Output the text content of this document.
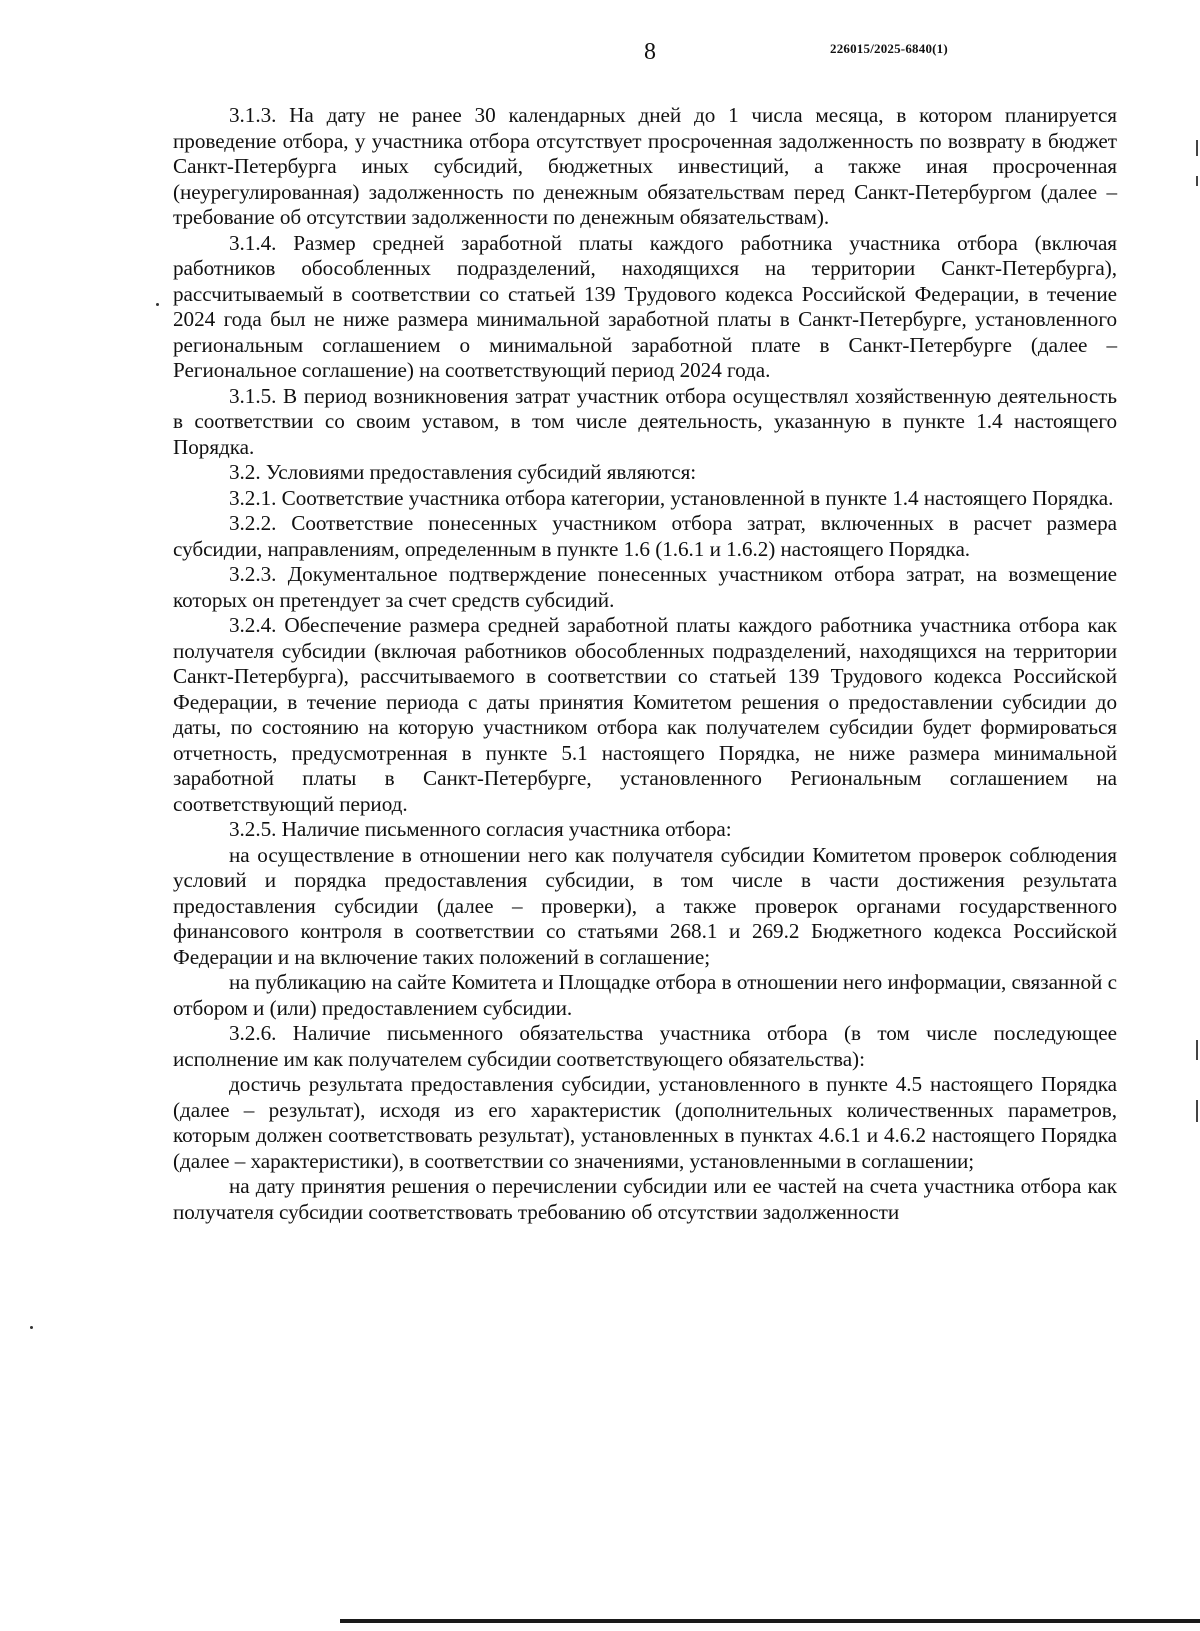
8	226015/2025-6840(1)

3.1.3. На дату не ранее 30 календарных дней до 1 числа месяца, в котором планируется проведение отбора, у участника отбора отсутствует просроченная задолженность по возврату в бюджет Санкт-Петербурга иных субсидий, бюджетных инвестиций, а также иная просроченная (неурегулированная) задолженность по денежным обязательствам перед Санкт-Петербургом (далее – требование об отсутствии задолженности по денежным обязательствам).

3.1.4. Размер средней заработной платы каждого работника участника отбора (включая работников обособленных подразделений, находящихся на территории Санкт-Петербурга), рассчитываемый в соответствии со статьей 139 Трудового кодекса Российской Федерации, в течение 2024 года был не ниже размера минимальной заработной платы в Санкт-Петербурге, установленного региональным соглашением о минимальной заработной плате в Санкт-Петербурге (далее – Региональное соглашение) на соответствующий период 2024 года.

3.1.5. В период возникновения затрат участник отбора осуществлял хозяйственную деятельность в соответствии со своим уставом, в том числе деятельность, указанную в пункте 1.4 настоящего Порядка.

3.2. Условиями предоставления субсидий являются:

3.2.1. Соответствие участника отбора категории, установленной в пункте 1.4 настоящего Порядка.

3.2.2. Соответствие понесенных участником отбора затрат, включенных в расчет размера субсидии, направлениям, определенным в пункте 1.6 (1.6.1 и 1.6.2) настоящего Порядка.

3.2.3. Документальное подтверждение понесенных участником отбора затрат, на возмещение которых он претендует за счет средств субсидий.

3.2.4. Обеспечение размера средней заработной платы каждого работника участника отбора как получателя субсидии (включая работников обособленных подразделений, находящихся на территории Санкт-Петербурга), рассчитываемого в соответствии со статьей 139 Трудового кодекса Российской Федерации, в течение периода с даты принятия Комитетом решения о предоставлении субсидии до даты, по состоянию на которую участником отбора как получателем субсидии будет формироваться отчетность, предусмотренная в пункте 5.1 настоящего Порядка, не ниже размера минимальной заработной платы в Санкт-Петербурге, установленного Региональным соглашением на соответствующий период.

3.2.5. Наличие письменного согласия участника отбора:

на осуществление в отношении него как получателя субсидии Комитетом проверок соблюдения условий и порядка предоставления субсидии, в том числе в части достижения результата предоставления субсидии (далее – проверки), а также проверок органами государственного финансового контроля в соответствии со статьями 268.1 и 269.2 Бюджетного кодекса Российской Федерации и на включение таких положений в соглашение;

на публикацию на сайте Комитета и Площадке отбора в отношении него информации, связанной с отбором и (или) предоставлением субсидии.

3.2.6. Наличие письменного обязательства участника отбора (в том числе последующее исполнение им как получателем субсидии соответствующего обязательства):

достичь результата предоставления субсидии, установленного в пункте 4.5 настоящего Порядка (далее – результат), исходя из его характеристик (дополнительных количественных параметров, которым должен соответствовать результат), установленных в пунктах 4.6.1 и 4.6.2 настоящего Порядка (далее – характеристики), в соответствии со значениями, установленными в соглашении;

на дату принятия решения о перечислении субсидии или ее частей на счета участника отбора как получателя субсидии соответствовать требованию об отсутствии задолженности
